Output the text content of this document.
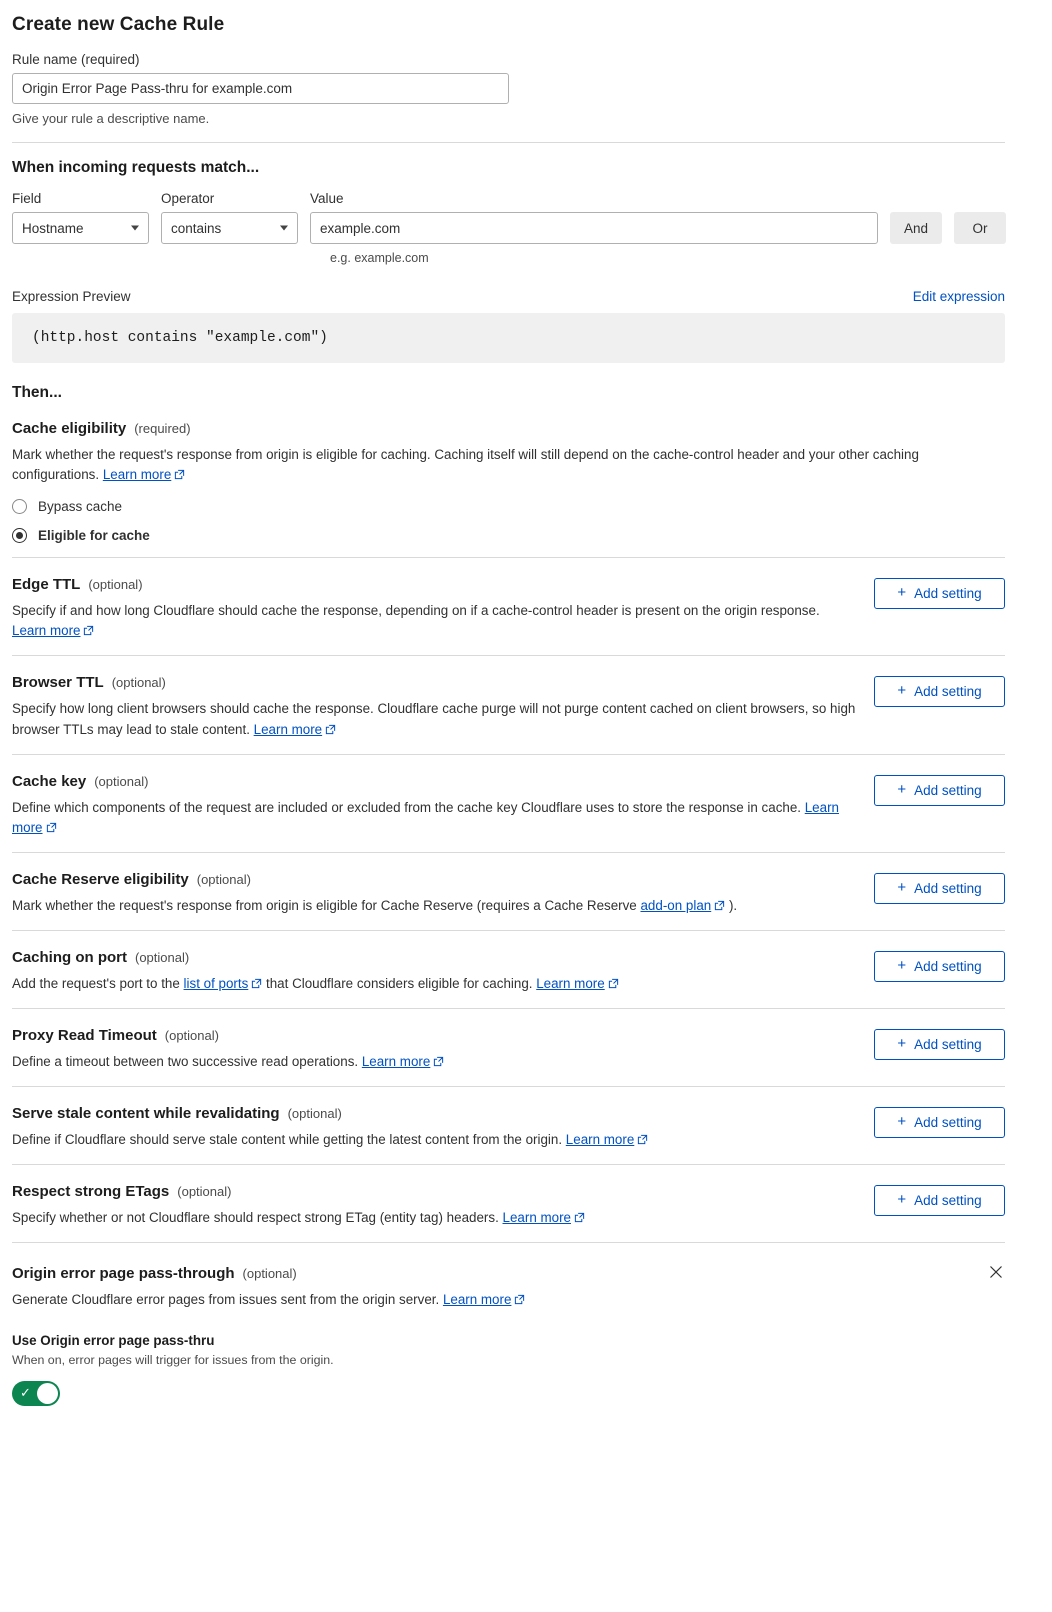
Create new Cache Rule
Rule name (required)
Origin Error Page Pass-thru for example.com
Give your rule a descriptive name.
When incoming requests match...
Field
Hostname
Operator
contains
Value
example.com
And	Or
e.g. example.com
Expression Preview	Edit expression
(http.host contains "example.com")
Then...
Cache eligibility (required)
Mark whether the request's response from origin is eligible for caching. Caching itself will still depend on the cache-control header and your other caching configurations. Learn more
Bypass cache
Eligible for cache
Edge TTL (optional)
Specify if and how long Cloudflare should cache the response, depending on if a cache-control header is present on the origin response. Learn more
+ Add setting
Browser TTL (optional)
Specify how long client browsers should cache the response. Cloudflare cache purge will not purge content cached on client browsers, so high browser TTLs may lead to stale content. Learn more
+ Add setting
Cache key (optional)
Define which components of the request are included or excluded from the cache key Cloudflare uses to store the response in cache. Learn more
+ Add setting
Cache Reserve eligibility (optional)
Mark whether the request's response from origin is eligible for Cache Reserve (requires a Cache Reserve add-on plan
).
+ Add setting
Caching on port (optional)
Add the request's port to the list of ports
that Cloudflare considers eligible for caching. Learn more
+ Add setting
Proxy Read Timeout (optional)
Define a timeout between two successive read operations. Learn more
+ Add setting
Serve stale content while revalidating (optional)
Define if Cloudflare should serve stale content while getting the latest content from the origin. Learn more
+ Add setting
Respect strong ETags (optional)
Specify whether or not Cloudflare should respect strong ETag (entity tag) headers. Learn more
+ Add setting
Origin error page pass-through (optional)
Generate Cloudflare error pages from issues sent from the origin server. Learn more
Use Origin error page pass-thru
When on, error pages will trigger for issues from the origin.
✓
